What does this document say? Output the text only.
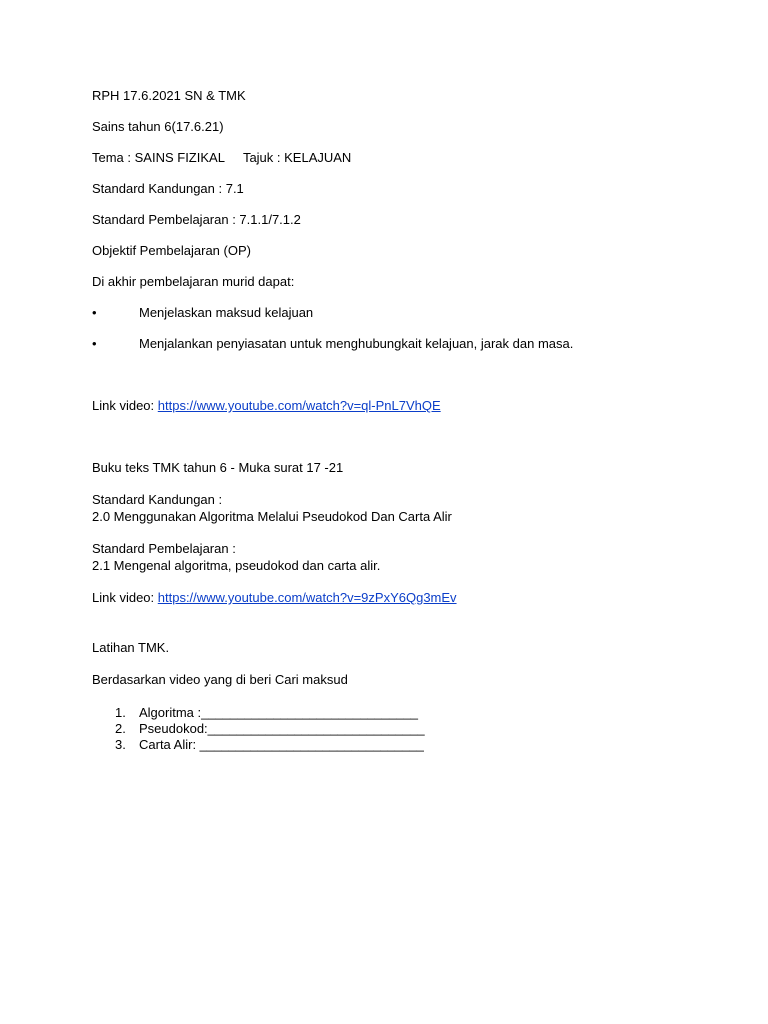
RPH 17.6.2021 SN & TMK
Sains tahun 6(17.6.21)
Tema : SAINS FIZIKAL Tajuk : KELAJUAN
Standard Kandungan : 7.1
Standard Pembelajaran : 7.1.1/7.1.2
Objektif Pembelajaran (OP)
Di akhir pembelajaran murid dapat:
•	Menjelaskan maksud kelajuan
•	Menjalankan penyiasatan untuk menghubungkait kelajuan, jarak dan masa.
Link video: https://www.youtube.com/watch?v=ql-PnL7VhQE
Buku teks TMK tahun 6 - Muka surat 17 -21
Standard Kandungan :
2.0 Menggunakan Algoritma Melalui Pseudokod Dan Carta Alir
Standard Pembelajaran :
2.1 Mengenal algoritma, pseudokod dan carta alir.
Link video: https://www.youtube.com/watch?v=9zPxY6Qg3mEv
Latihan TMK.
Berdasarkan video yang di beri Cari maksud
1. Algoritma :______________________________
2. Pseudokod:______________________________
3. Carta Alir: _______________________________
